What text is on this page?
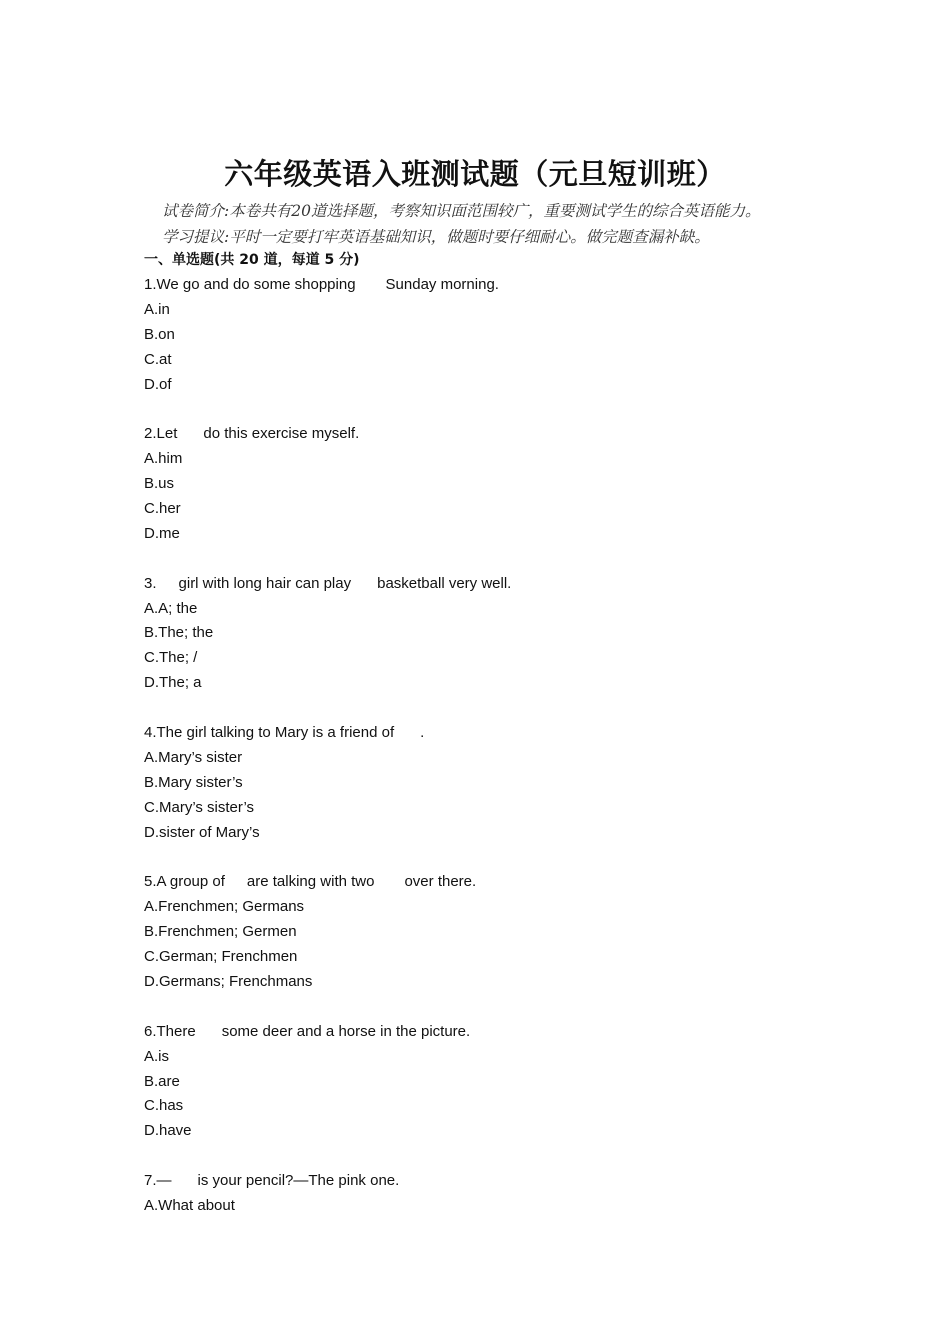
六年级英语入班测试题（元旦短训班）
试卷简介:本卷共有20道选择题，考察知识面范围较广，重要测试学生的综合英语能力。
学习提议:平时一定要打牢英语基础知识，做题时要仔细耐心。做完题查漏补缺。
一、单选题(共 20 道，每道 5 分)
1.We go and do some shopping Sunday morning.
A.in
B.on
C.at
D.of
2.Let do this exercise myself.
A.him
B.us
C.her
D.me
3. girl with long hair can play basketball very well.
A.A; the
B.The; the
C.The; /
D.The; a
4.The girl talking to Mary is a friend of .
A.Mary’s sister
B.Mary sister’s
C.Mary’s sister’s
D.sister of Mary’s
5.A group of are talking with two over there.
A.Frenchmen; Germans
B.Frenchmen; Germen
C.German; Frenchmen
D.Germans; Frenchmans
6.There some deer and a horse in the picture.
A.is
B.are
C.has
D.have
7.— is your pencil?—The pink one.
A.What about
